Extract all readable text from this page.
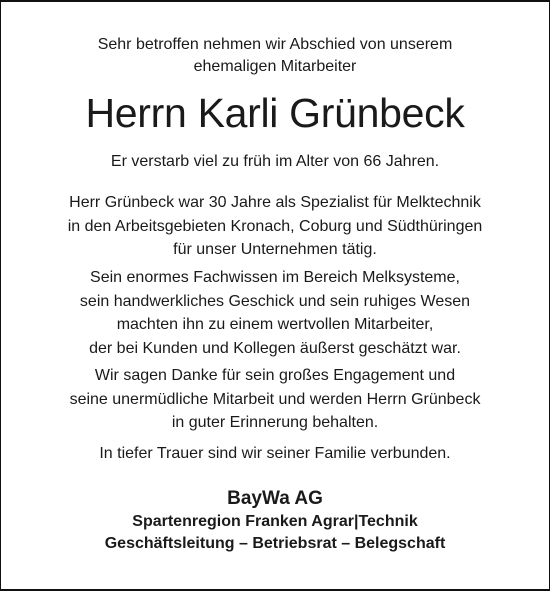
Sehr betroffen nehmen wir Abschied von unserem
ehemaligen Mitarbeiter
Herrn Karli Grünbeck
Er verstarb viel zu früh im Alter von 66 Jahren.
Herr Grünbeck war 30 Jahre als Spezialist für Melktechnik
in den Arbeitsgebieten Kronach, Coburg und Südthüringen
für unser Unternehmen tätig.
Sein enormes Fachwissen im Bereich Melksysteme,
sein handwerkliches Geschick und sein ruhiges Wesen
machten ihn zu einem wertvollen Mitarbeiter,
der bei Kunden und Kollegen äußerst geschätzt war.
Wir sagen Danke für sein großes Engagement und
seine unermüdliche Mitarbeit und werden Herrn Grünbeck
in guter Erinnerung behalten.
In tiefer Trauer sind wir seiner Familie verbunden.
BayWa AG
Spartenregion Franken Agrar|Technik
Geschäftsleitung – Betriebsrat – Belegschaft
